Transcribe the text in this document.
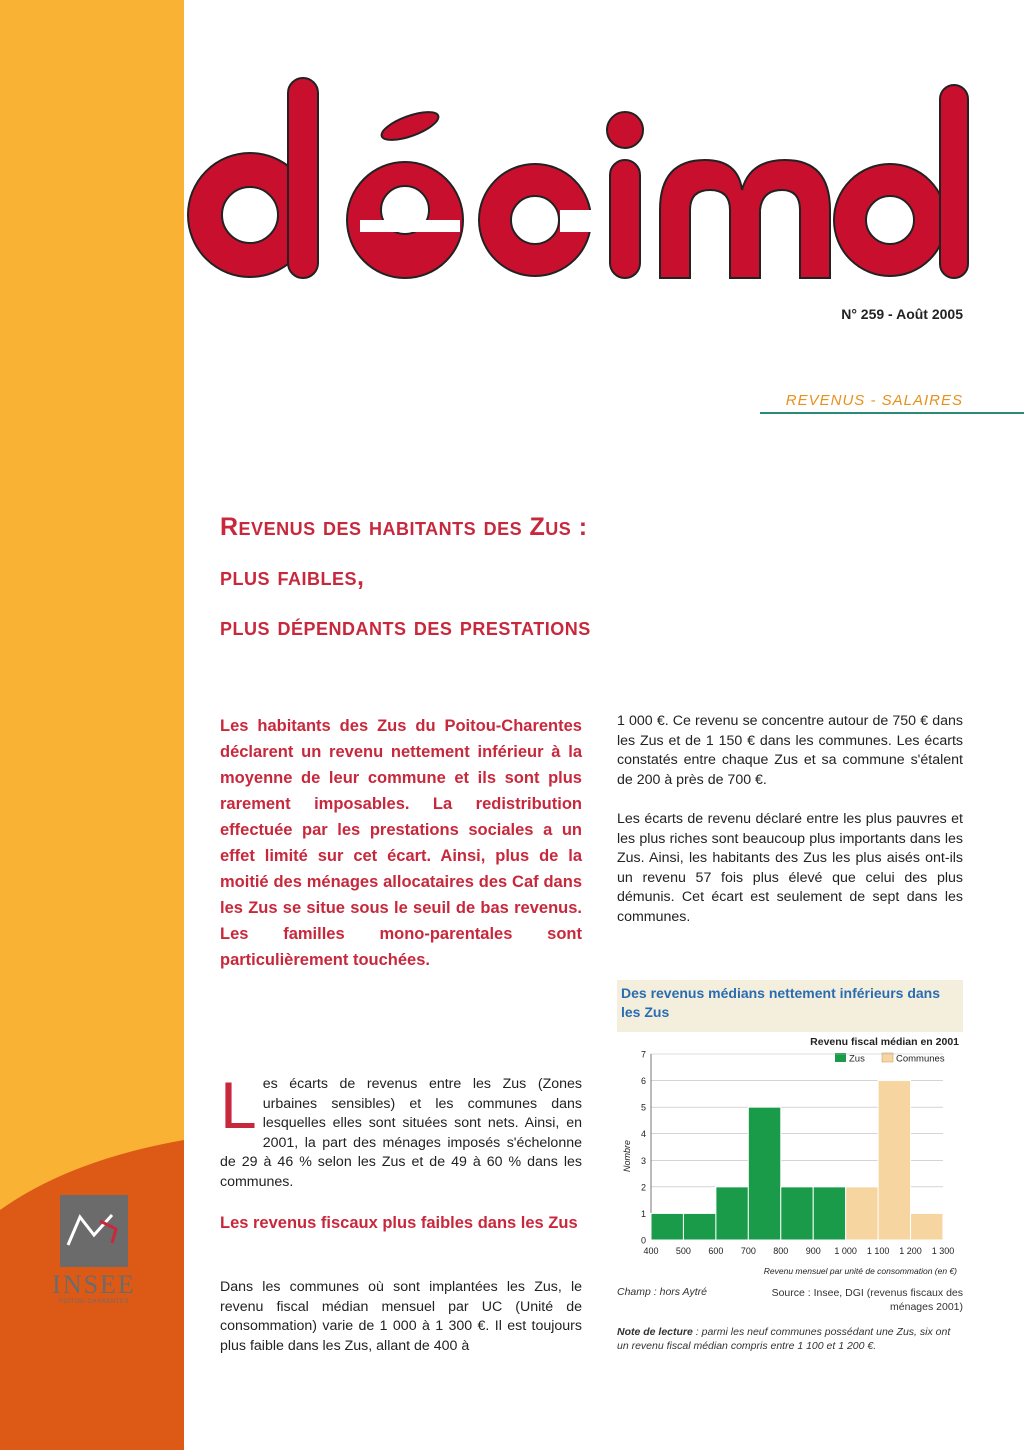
N° 259 - Août 2005
REVENUS - SALAIRES
Revenus des habitants des Zus :
plus faibles,
plus dépendants des prestations

Les habitants des Zus du Poitou-Charentes déclarent un revenu nettement inférieur à la moyenne de leur commune et ils sont plus rarement imposables. La redistribution effectuée par les prestations sociales a un effet limité sur cet écart. Ainsi, plus de la moitié des ménages allocataires des Caf dans les Zus se situe sous le seuil de bas revenus. Les familles mono-parentales sont particulièrement touchées.

Les écarts de revenus entre les Zus (Zones urbaines sensibles) et les communes dans lesquelles elles sont situées sont nets. Ainsi, en 2001, la part des ménages imposés s'échelonne de 29 à 46 % selon les Zus et de 49 à 60 % dans les communes.

Les revenus fiscaux plus faibles dans les Zus

Dans les communes où sont implantées les Zus, le revenu fiscal médian mensuel par UC (Unité de consommation) varie de 1 000 à 1 300 €. Il est toujours plus faible dans les Zus, allant de 400 à

1 000 €. Ce revenu se concentre autour de 750 € dans les Zus et de 1 150 € dans les communes. Les écarts constatés entre chaque Zus et sa commune s'étalent de 200 à près de 700 €.

Les écarts de revenu déclaré entre les plus pauvres et les plus riches sont beaucoup plus importants dans les Zus. Ainsi, les habitants des Zus les plus aisés ont-ils un revenu 57 fois plus élevé que celui des plus démunis. Cet écart est seulement de sept dans les communes.

Des revenus médians nettement inférieurs dans les Zus

Revenu fiscal médian en 2001
Zus	Communes
Nombre
0
1
2
3
4
5
6
7
400 500 600 700 800 900 1 000 1 100 1 200 1 300
Revenu mensuel par unité de consommation (en €)
Champ : hors Aytré	Source : Insee, DGI (revenus fiscaux des ménages 2001)

Note de lecture : parmi les neuf communes possédant une Zus, six ont un revenu fiscal médian compris entre 1 100 et 1 200 €.

INSEE
POITOU-CHARENTES
